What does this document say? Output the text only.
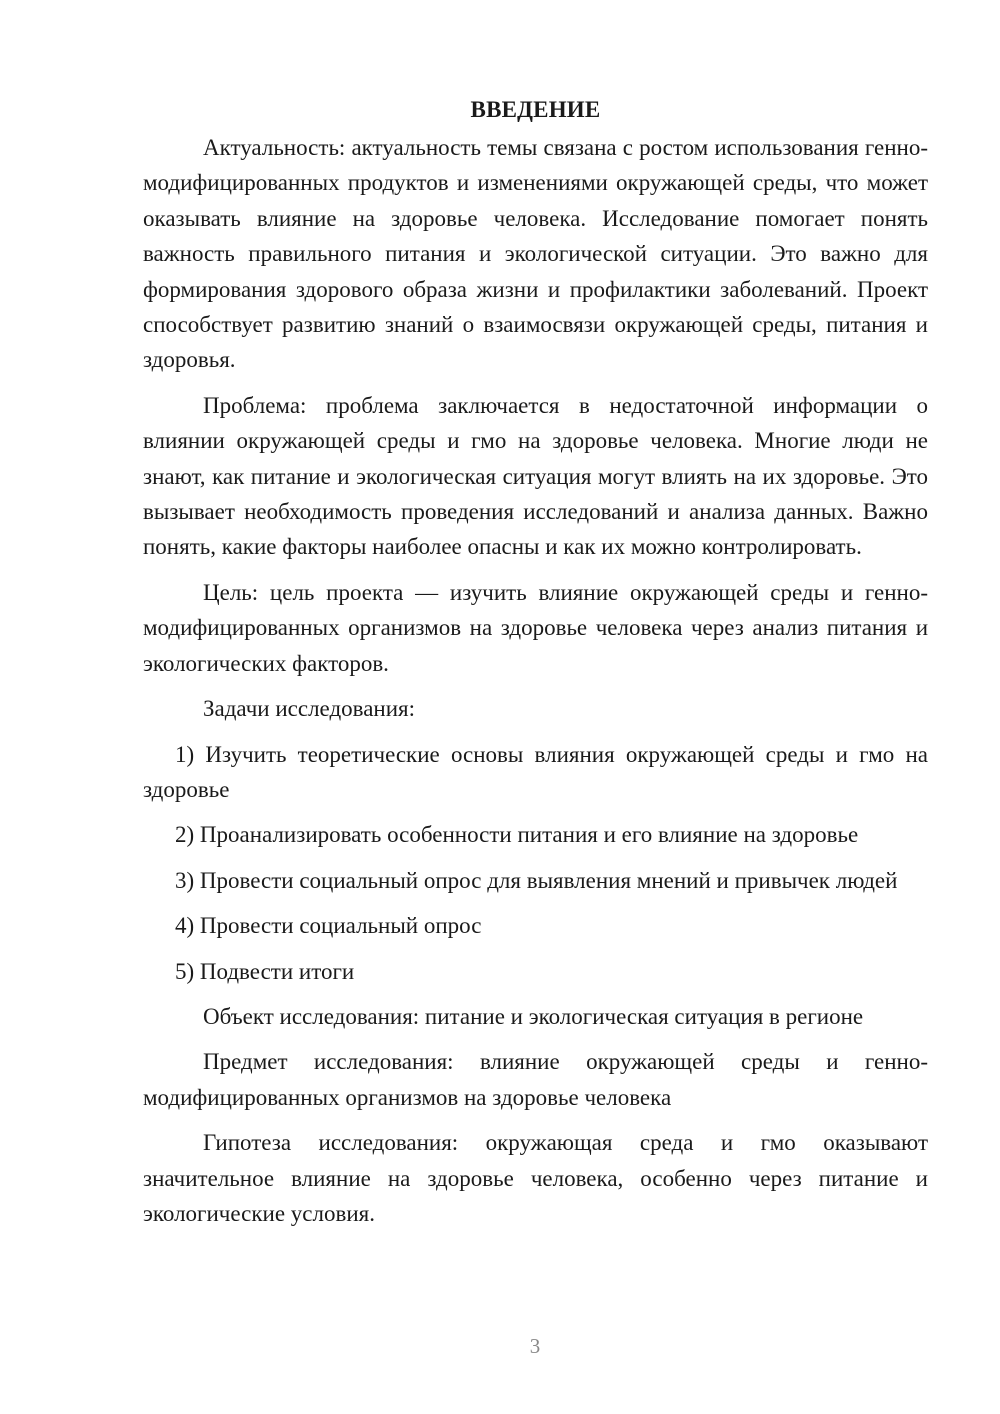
ВВЕДЕНИЕ

Актуальность: актуальность темы связана с ростом использования генно-модифицированных продуктов и изменениями окружающей среды, что может оказывать влияние на здоровье человека. Исследование помогает понять важность правильного питания и экологической ситуации. Это важно для формирования здорового образа жизни и профилактики заболеваний. Проект способствует развитию знаний о взаимосвязи окружающей среды, питания и здоровья.

Проблема: проблема заключается в недостаточной информации о влиянии окружающей среды и гмо на здоровье человека. Многие люди не знают, как питание и экологическая ситуация могут влиять на их здоровье. Это вызывает необходимость проведения исследований и анализа данных. Важно понять, какие факторы наиболее опасны и как их можно контролировать.

Цель: цель проекта — изучить влияние окружающей среды и генно-модифицированных организмов на здоровье человека через анализ питания и экологических факторов.

Задачи исследования:

1) Изучить теоретические основы влияния окружающей среды и гмо на здоровье

2) Проанализировать особенности питания и его влияние на здоровье

3) Провести социальный опрос для выявления мнений и привычек людей

4) Провести социальный опрос

5) Подвести итоги

Объект исследования: питание и экологическая ситуация в регионе

Предмет исследования: влияние окружающей среды и генно-модифицированных организмов на здоровье человека

Гипотеза исследования: окружающая среда и гмо оказывают значительное влияние на здоровье человека, особенно через питание и экологические условия.

3
